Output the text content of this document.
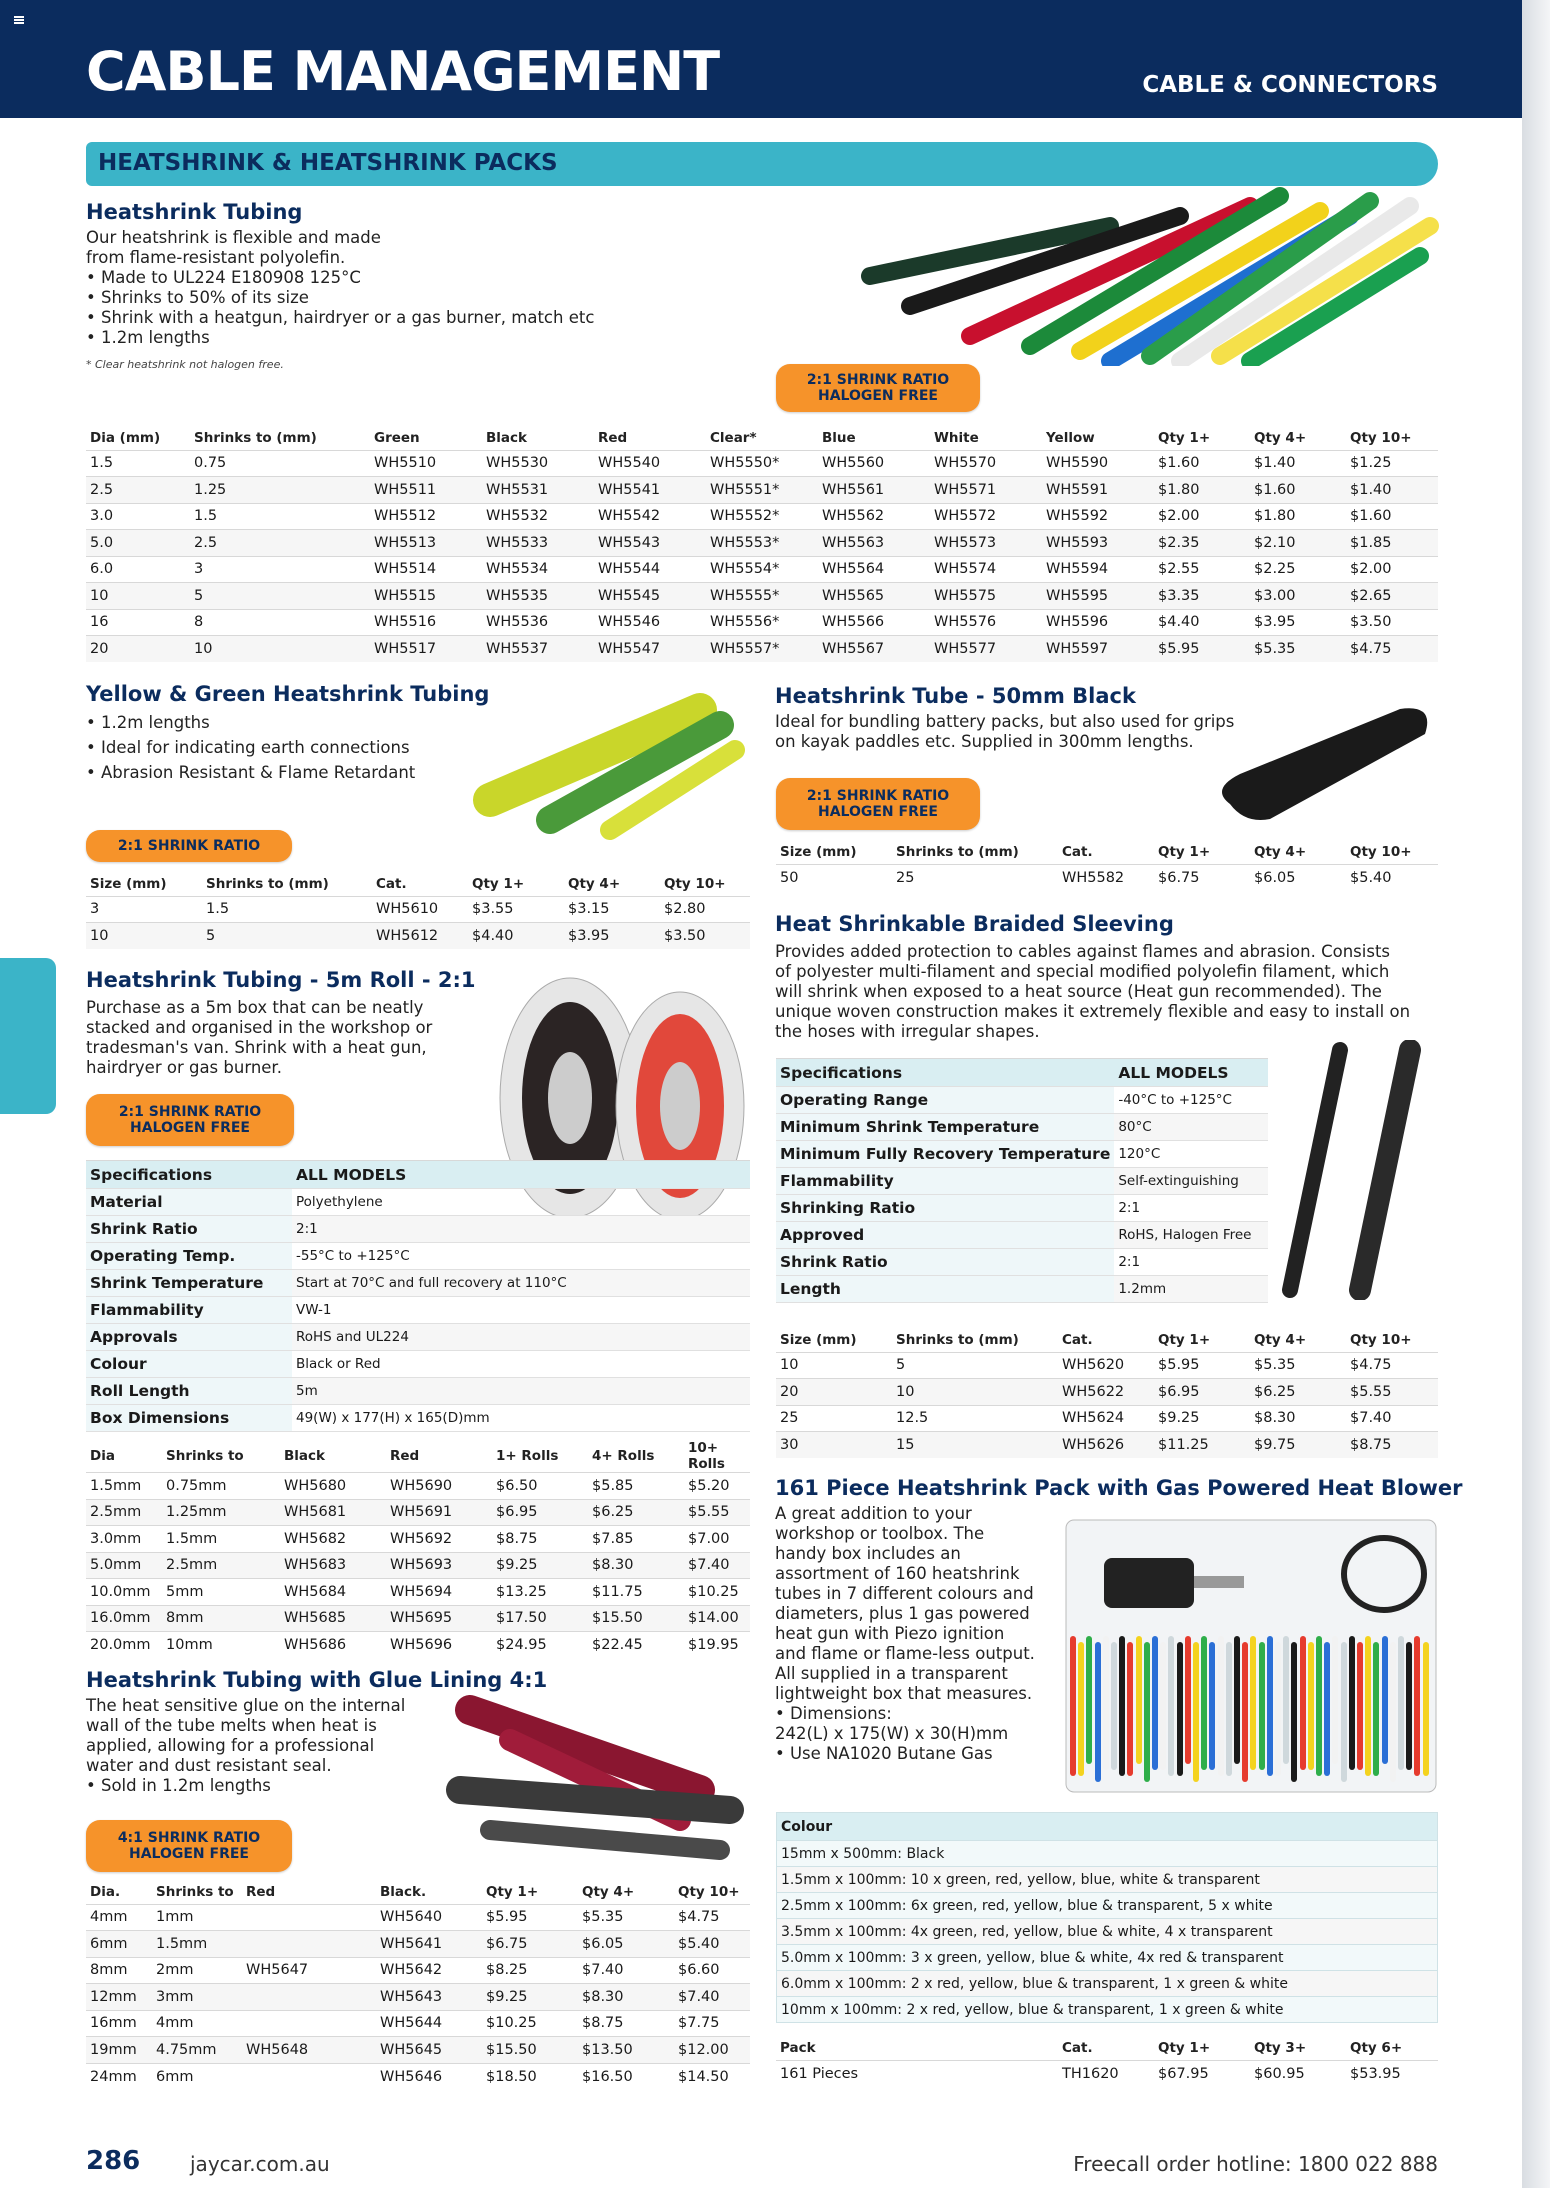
CABLE MANAGEMENT	CABLE & CONNECTORS
HEATSHRINK & HEATSHRINK PACKS
Heatshrink Tubing

Our heatshrink is flexible and made

from flame-resistant polyolefin.

• Made to UL224 E180908 125°C

• Shrinks to 50% of its size

• Shrink with a heatgun, hairdryer or a gas burner, match etc

• 1.2m lengths

* Clear heatshrink not halogen free.
2:1 SHRINK RATIO
HALOGEN FREE
Dia (mm)	Shrinks to (mm)	Green	Black	Red	Clear*	Blue	White	Yellow	Qty 1+	Qty 4+	Qty 10+
1.5	0.75	WH5510	WH5530	WH5540	WH5550*	WH5560	WH5570	WH5590	$1.60	$1.40	$1.25
2.5	1.25	WH5511	WH5531	WH5541	WH5551*	WH5561	WH5571	WH5591	$1.80	$1.60	$1.40
3.0	1.5	WH5512	WH5532	WH5542	WH5552*	WH5562	WH5572	WH5592	$2.00	$1.80	$1.60
5.0	2.5	WH5513	WH5533	WH5543	WH5553*	WH5563	WH5573	WH5593	$2.35	$2.10	$1.85
6.0	3	WH5514	WH5534	WH5544	WH5554*	WH5564	WH5574	WH5594	$2.55	$2.25	$2.00
10	5	WH5515	WH5535	WH5545	WH5555*	WH5565	WH5575	WH5595	$3.35	$3.00	$2.65
16	8	WH5516	WH5536	WH5546	WH5556*	WH5566	WH5576	WH5596	$4.40	$3.95	$3.50
20	10	WH5517	WH5537	WH5547	WH5557*	WH5567	WH5577	WH5597	$5.95	$5.35	$4.75
Yellow & Green Heatshrink Tubing

• 1.2m lengths

• Ideal for indicating earth connections

• Abrasion Resistant & Flame Retardant

2:1 SHRINK RATIO
Size (mm)	Shrinks to (mm)	Cat.	Qty 1+	Qty 4+	Qty 10+
3	1.5	WH5610	$3.55	$3.15	$2.80
10	5	WH5612	$4.40	$3.95	$3.50
Heatshrink Tubing - 5m Roll - 2:1

Purchase as a 5m box that can be neatly

stacked and organised in the workshop or

tradesman's van. Shrink with a heat gun,

hairdryer or gas burner.

2:1 SHRINK RATIO
HALOGEN FREE
Specifications	ALL MODELS
Material	Polyethylene
Shrink Ratio	2:1
Operating Temp.	-55°C to +125°C
Shrink Temperature	Start at 70°C and full recovery at 110°C
Flammability	VW-1
Approvals	RoHS and UL224
Colour	Black or Red
Roll Length	5m
Box Dimensions	49(W) x 177(H) x 165(D)mm
Dia	Shrinks to	Black	Red	1+ Rolls	4+ Rolls	10+ Rolls
1.5mm	0.75mm	WH5680	WH5690	$6.50	$5.85	$5.20
2.5mm	1.25mm	WH5681	WH5691	$6.95	$6.25	$5.55
3.0mm	1.5mm	WH5682	WH5692	$8.75	$7.85	$7.00
5.0mm	2.5mm	WH5683	WH5693	$9.25	$8.30	$7.40
10.0mm	5mm	WH5684	WH5694	$13.25	$11.75	$10.25
16.0mm	8mm	WH5685	WH5695	$17.50	$15.50	$14.00
20.0mm	10mm	WH5686	WH5696	$24.95	$22.45	$19.95
Heatshrink Tubing with Glue Lining 4:1

The heat sensitive glue on the internal

wall of the tube melts when heat is

applied, allowing for a professional

water and dust resistant seal.

• Sold in 1.2m lengths

4:1 SHRINK RATIO
HALOGEN FREE
Dia.	Shrinks to	Red	Black.	Qty 1+	Qty 4+	Qty 10+
4mm	1mm		WH5640	$5.95	$5.35	$4.75
6mm	1.5mm		WH5641	$6.75	$6.05	$5.40
8mm	2mm	WH5647	WH5642	$8.25	$7.40	$6.60
12mm	3mm		WH5643	$9.25	$8.30	$7.40
16mm	4mm		WH5644	$10.25	$8.75	$7.75
19mm	4.75mm	WH5648	WH5645	$15.50	$13.50	$12.00
24mm	6mm		WH5646	$18.50	$16.50	$14.50
Heatshrink Tube - 50mm Black

Ideal for bundling battery packs, but also used for grips

on kayak paddles etc. Supplied in 300mm lengths.

2:1 SHRINK RATIO
HALOGEN FREE
Size (mm)	Shrinks to (mm)	Cat.	Qty 1+	Qty 4+	Qty 10+
50	25	WH5582	$6.75	$6.05	$5.40
Heat Shrinkable Braided Sleeving

Provides added protection to cables against flames and abrasion. Consists

of polyester multi-filament and special modified polyolefin filament, which

will shrink when exposed to a heat source (Heat gun recommended). The

unique woven construction makes it extremely flexible and easy to install on

the hoses with irregular shapes.

Specifications	ALL MODELS
Operating Range	-40°C to +125°C
Minimum Shrink Temperature	80°C
Minimum Fully Recovery Temperature	120°C
Flammability	Self-extinguishing
Shrinking Ratio	2:1
Approved	RoHS, Halogen Free
Shrink Ratio	2:1
Length	1.2mm
Size (mm)	Shrinks to (mm)	Cat.	Qty 1+	Qty 4+	Qty 10+
10	5	WH5620	$5.95	$5.35	$4.75
20	10	WH5622	$6.95	$6.25	$5.55
25	12.5	WH5624	$9.25	$8.30	$7.40
30	15	WH5626	$11.25	$9.75	$8.75
161 Piece Heatshrink Pack with Gas Powered Heat Blower

A great addition to your

workshop or toolbox. The

handy box includes an

assortment of 160 heatshrink

tubes in 7 different colours and

diameters, plus 1 gas powered

heat gun with Piezo ignition

and flame or flame-less output.

All supplied in a transparent

lightweight box that measures.

• Dimensions:

242(L) x 175(W) x 30(H)mm

• Use NA1020 Butane Gas

Colour
15mm x 500mm: Black
1.5mm x 100mm: 10 x green, red, yellow, blue, white & transparent
2.5mm x 100mm: 6x green, red, yellow, blue & transparent, 5 x white
3.5mm x 100mm: 4x green, red, yellow, blue & white, 4 x transparent
5.0mm x 100mm: 3 x green, yellow, blue & white, 4x red & transparent
6.0mm x 100mm: 2 x red, yellow, blue & transparent, 1 x green & white
10mm x 100mm: 2 x red, yellow, blue & transparent, 1 x green & white
Pack	Cat.	Qty 1+	Qty 3+	Qty 6+
161 Pieces	TH1620	$67.95	$60.95	$53.95
286 jaycar.com.au	Freecall order hotline: 1800 022 888
